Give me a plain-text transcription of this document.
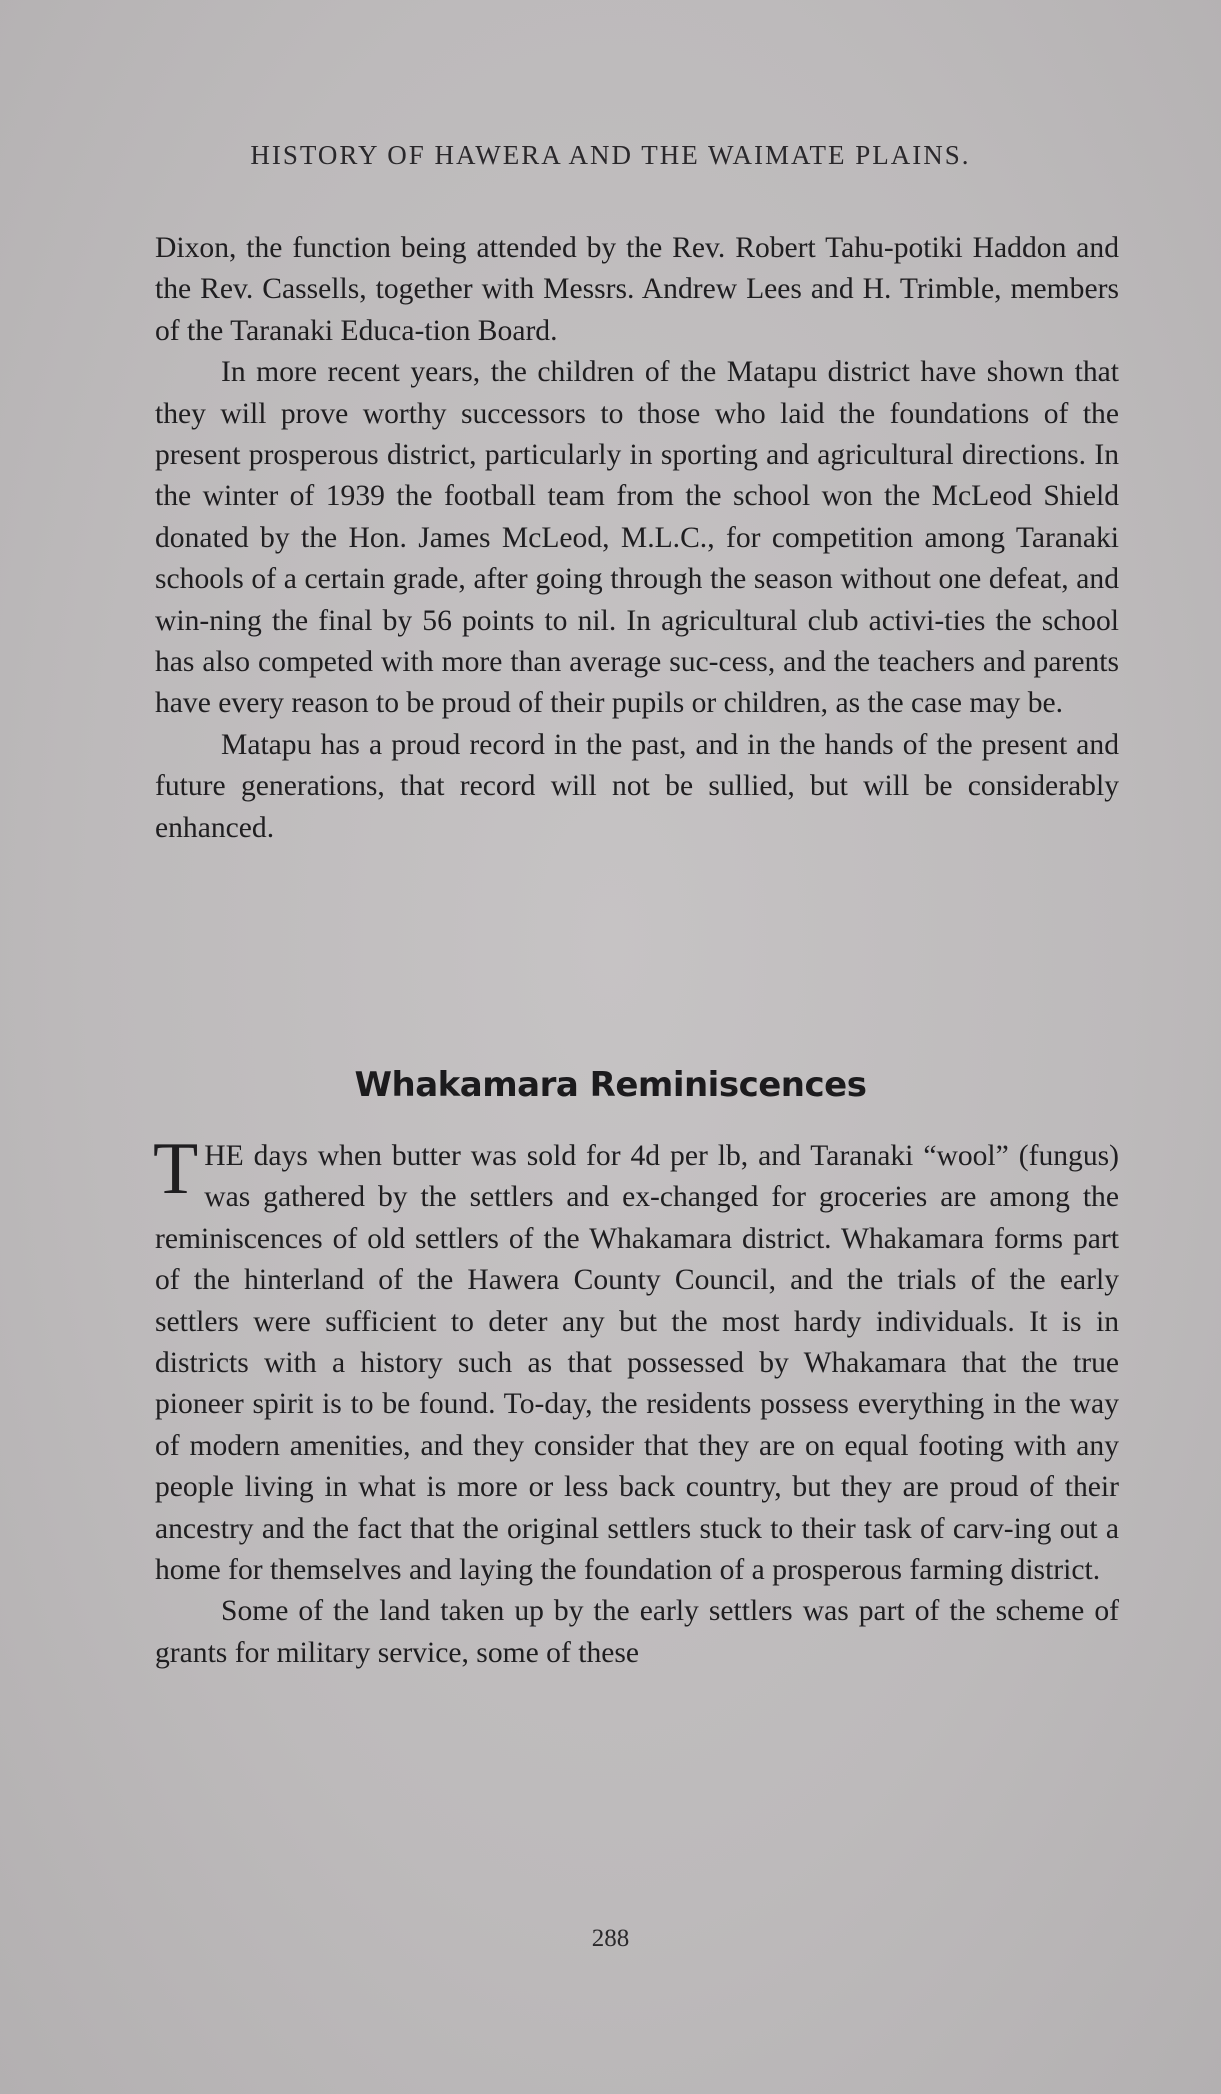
HISTORY OF HAWERA AND THE WAIMATE PLAINS.

Dixon, the function being attended by the Rev. Robert Tahu-potiki Haddon and the Rev. Cassells, together with Messrs. Andrew Lees and H. Trimble, members of the Taranaki Educa-tion Board.

In more recent years, the children of the Matapu district have shown that they will prove worthy successors to those who laid the foundations of the present prosperous district, particularly in sporting and agricultural directions. In the winter of 1939 the football team from the school won the McLeod Shield donated by the Hon. James McLeod, M.L.C., for competition among Taranaki schools of a certain grade, after going through the season without one defeat, and win-ning the final by 56 points to nil. In agricultural club activi-ties the school has also competed with more than average suc-cess, and the teachers and parents have every reason to be proud of their pupils or children, as the case may be.

Matapu has a proud record in the past, and in the hands of the present and future generations, that record will not be sullied, but will be considerably enhanced.

Whakamara Reminiscences

THE days when butter was sold for 4d per lb, and Taranaki “wool” (fungus) was gathered by the settlers and ex-changed for groceries are among the reminiscences of old settlers of the Whakamara district. Whakamara forms part of the hinterland of the Hawera County Council, and the trials of the early settlers were sufficient to deter any but the most hardy individuals. It is in districts with a history such as that possessed by Whakamara that the true pioneer spirit is to be found. To-day, the residents possess everything in the way of modern amenities, and they consider that they are on equal footing with any people living in what is more or less back country, but they are proud of their ancestry and the fact that the original settlers stuck to their task of carv-ing out a home for themselves and laying the foundation of a prosperous farming district.

Some of the land taken up by the early settlers was part of the scheme of grants for military service, some of these

288
